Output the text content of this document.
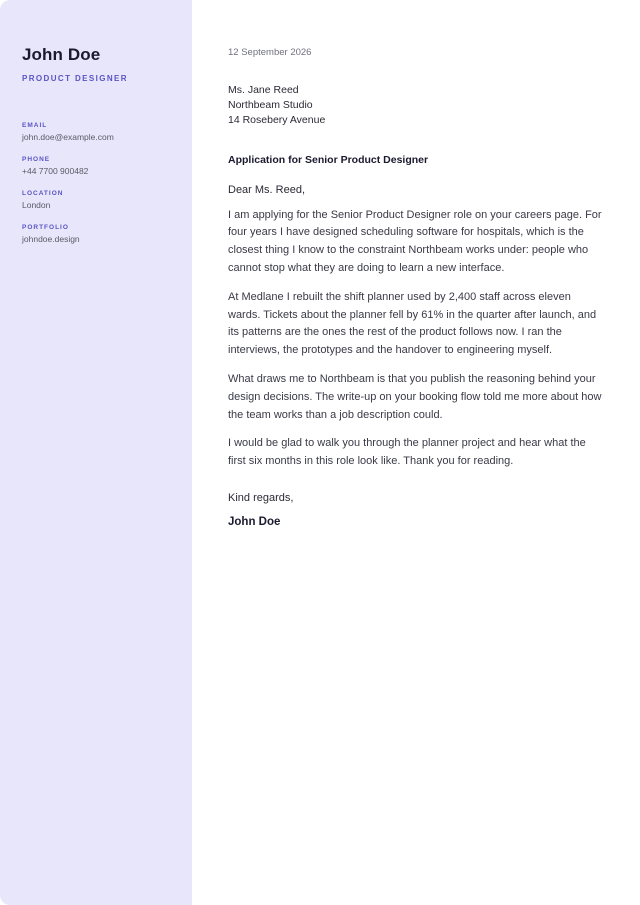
John Doe
PRODUCT DESIGNER
EMAIL
john.doe@example.com
PHONE
+44 7700 900482
LOCATION
London
PORTFOLIO
johndoe.design
12 September 2026
Ms. Jane Reed
Northbeam Studio
14 Rosebery Avenue
Application for Senior Product Designer
Dear Ms. Reed,

I am applying for the Senior Product Designer role on your careers page. For four years I have designed scheduling software for hospitals, which is the closest thing I know to the constraint Northbeam works under: people who cannot stop what they are doing to learn a new interface.

At Medlane I rebuilt the shift planner used by 2,400 staff across eleven wards. Tickets about the planner fell by 61% in the quarter after launch, and its patterns are the ones the rest of the product follows now. I ran the interviews, the prototypes and the handover to engineering myself.

What draws me to Northbeam is that you publish the reasoning behind your design decisions. The write-up on your booking flow told me more about how the team works than a job description could.

I would be glad to walk you through the planner project and hear what the first six months in this role look like. Thank you for reading.

Kind regards,
John Doe
